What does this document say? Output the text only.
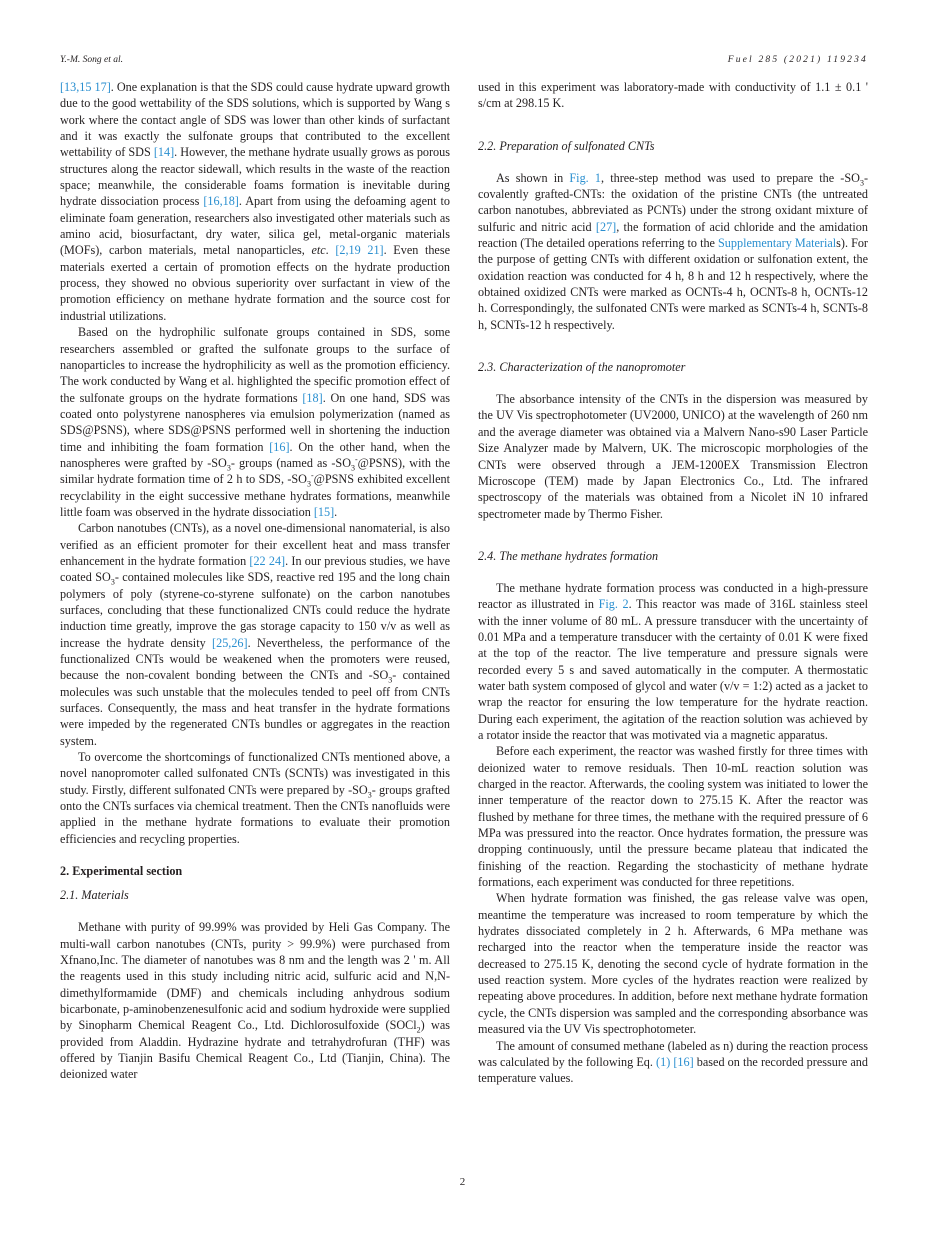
Y.-M. Song et al.	Fuel 285 (2021) 119234

[13,15 17]. One explanation is that the SDS could cause hydrate upward growth due to the good wettability of the SDS solutions, which is supported by Wang s work where the contact angle of SDS was lower than other kinds of surfactant and it was exactly the sulfonate groups that contributed to the excellent wettability of SDS [14]. However, the methane hydrate usually grows as porous structures along the reactor sidewall, which results in the waste of the reaction space; meanwhile, the considerable foams formation is inevitable during hydrate dissociation process [16,18]. Apart from using the defoaming agent to eliminate foam generation, researchers also investigated other materials such as amino acid, biosurfactant, dry water, silica gel, metal-organic materials (MOFs), carbon materials, metal nanoparticles, etc. [2,19 21]. Even these materials exerted a certain of promotion effects on the hydrate production process, they showed no obvious superiority over surfactant in view of the promotion efficiency on methane hydrate formation and the source cost for industrial utilizations.

Based on the hydrophilic sulfonate groups contained in SDS, some researchers assembled or grafted the sulfonate groups to the surface of nanoparticles to increase the hydrophilicity as well as the promotion efficiency. The work conducted by Wang et al. highlighted the specific promotion effect of the sulfonate groups on the hydrate formations [18]. On one hand, SDS was coated onto polystyrene nanospheres via emulsion polymerization (named as SDS@PSNS), where SDS@PSNS performed well in shortening the induction time and inhibiting the foam formation [16]. On the other hand, when the nanospheres were grafted by $-SO_3-$ groups (named as $-SO_3^-@PSNS$), with the similar hydrate formation time of 2 h to SDS, $-SO_3^-@PSNS$ exhibited excellent recyclability in the eight successive methane hydrates formations, meanwhile little foam was observed in the hydrate dissociation [15].

Carbon nanotubes (CNTs), as a novel one-dimensional nanomaterial, is also verified as an efficient promoter for their excellent heat and mass transfer enhancement in the hydrate formation [22 24]. In our previous studies, we have coated $SO_3-$ contained molecules like SDS, reactive red 195 and the long chain polymers of poly (styrene-co-styrene sulfonate) on the carbon nanotubes surfaces, concluding that these functionalized CNTs could reduce the hydrate induction time greatly, improve the gas storage capacity to 150 v/v as well as increase the hydrate density [25,26]. Nevertheless, the performance of the functionalized CNTs would be weakened when the promoters were reused, because the non-covalent bonding between the CNTs and $-SO_3-$ contained molecules was such unstable that the molecules tended to peel off from CNTs surfaces. Consequently, the mass and heat transfer in the hydrate formations were impeded by the regenerated CNTs bundles or aggregates in the reaction system.

To overcome the shortcomings of functionalized CNTs mentioned above, a novel nanopromoter called sulfonated CNTs (SCNTs) was investigated in this study. Firstly, different sulfonated CNTs were prepared by $-SO_3-$ groups grafted onto the CNTs surfaces via chemical treatment. Then the CNTs nanofluids were applied in the methane hydrate formations to evaluate their promotion efficiencies and recycling properties.

2. Experimental section
2.1. Materials

Methane with purity of 99.99% was provided by Heli Gas Company. The multi-wall carbon nanotubes (CNTs, purity > 99.9%) were purchased from Xfnano,Inc. The diameter of nanotubes was 8 nm and the length was 2 ' m. All the reagents used in this study including nitric acid, sulfuric acid and N,N-dimethylformamide (DMF) and chemicals including anhydrous sodium bicarbonate, p-aminobenzenesulfonic acid and sodium hydroxide were supplied by Sinopharm Chemical Reagent Co., Ltd. Dichlorosulfoxide (SOCl$_2$) was provided from Aladdin. Hydrazine hydrate and tetrahydrofuran (THF) was offered by Tianjin Basifu Chemical Reagent Co., Ltd (Tianjin, China). The deionized water

used in this experiment was laboratory-made with conductivity of 1.1 ± 0.1 ' s/cm at 298.15 K.

2.2. Preparation of sulfonated CNTs

As shown in Fig. 1, three-step method was used to prepare the $-SO_3$-covalently grafted-CNTs: the oxidation of the pristine CNTs (the untreated carbon nanotubes, abbreviated as PCNTs) under the strong oxidant mixture of sulfuric and nitric acid [27], the formation of acid chloride and the amidation reaction (The detailed operations referring to the Supplementary Materials). For the purpose of getting CNTs with different oxidation or sulfonation extent, the oxidation reaction was conducted for 4 h, 8 h and 12 h respectively, where the obtained oxidized CNTs were marked as OCNTs-4 h, OCNTs-8 h, OCNTs-12 h. Correspondingly, the sulfonated CNTs were marked as SCNTs-4 h, SCNTs-8 h, SCNTs-12 h respectively.

2.3. Characterization of the nanopromoter

The absorbance intensity of the CNTs in the dispersion was measured by the UV Vis spectrophotometer (UV2000, UNICO) at the wavelength of 260 nm and the average diameter was obtained via a Malvern Nano-s90 Laser Particle Size Analyzer made by Malvern, UK. The microscopic morphologies of the CNTs were observed through a JEM-1200EX Transmission Electron Microscope (TEM) made by Japan Electronics Co., Ltd. The infrared spectroscopy of the materials was obtained from a Nicolet iN 10 infrared spectrometer made by Thermo Fisher.

2.4. The methane hydrates formation

The methane hydrate formation process was conducted in a high-pressure reactor as illustrated in Fig. 2. This reactor was made of 316L stainless steel with the inner volume of 80 mL. A pressure transducer with the uncertainty of 0.01 MPa and a temperature transducer with the certainty of 0.01 K were fixed at the top of the reactor. The live temperature and pressure signals were recorded every 5 s and saved automatically in the computer. A thermostatic water bath system composed of glycol and water (v/v = 1:2) acted as a jacket to wrap the reactor for ensuring the low temperature for the hydrate reaction. During each experiment, the agitation of the reaction solution was achieved by a rotator inside the reactor that was motivated via a magnetic apparatus.

Before each experiment, the reactor was washed firstly for three times with deionized water to remove residuals. Then 10-mL reaction solution was charged in the reactor. Afterwards, the cooling system was initiated to lower the inner temperature of the reactor down to 275.15 K. After the reactor was flushed by methane for three times, the methane with the required pressure of 6 MPa was pressured into the reactor. Once hydrates formation, the pressure was dropping continuously, until the pressure became plateau that indicated the finishing of the reaction. Regarding the stochasticity of methane hydrate formations, each experiment was conducted for three repetitions.

When hydrate formation was finished, the gas release valve was open, meantime the temperature was increased to room temperature by which the hydrates dissociated completely in 2 h. Afterwards, 6 MPa methane was recharged into the reactor when the temperature inside the reactor was decreased to 275.15 K, denoting the second cycle of hydrate formation in the used reaction system. More cycles of the hydrates reaction were realized by repeating above procedures. In addition, before next methane hydrate formation cycle, the CNTs dispersion was sampled and the corresponding absorbance was measured via the UV Vis spectrophotometer.

The amount of consumed methane (labeled as n) during the reaction process was calculated by the following Eq. (1) [16] based on the recorded pressure and temperature values.

2
